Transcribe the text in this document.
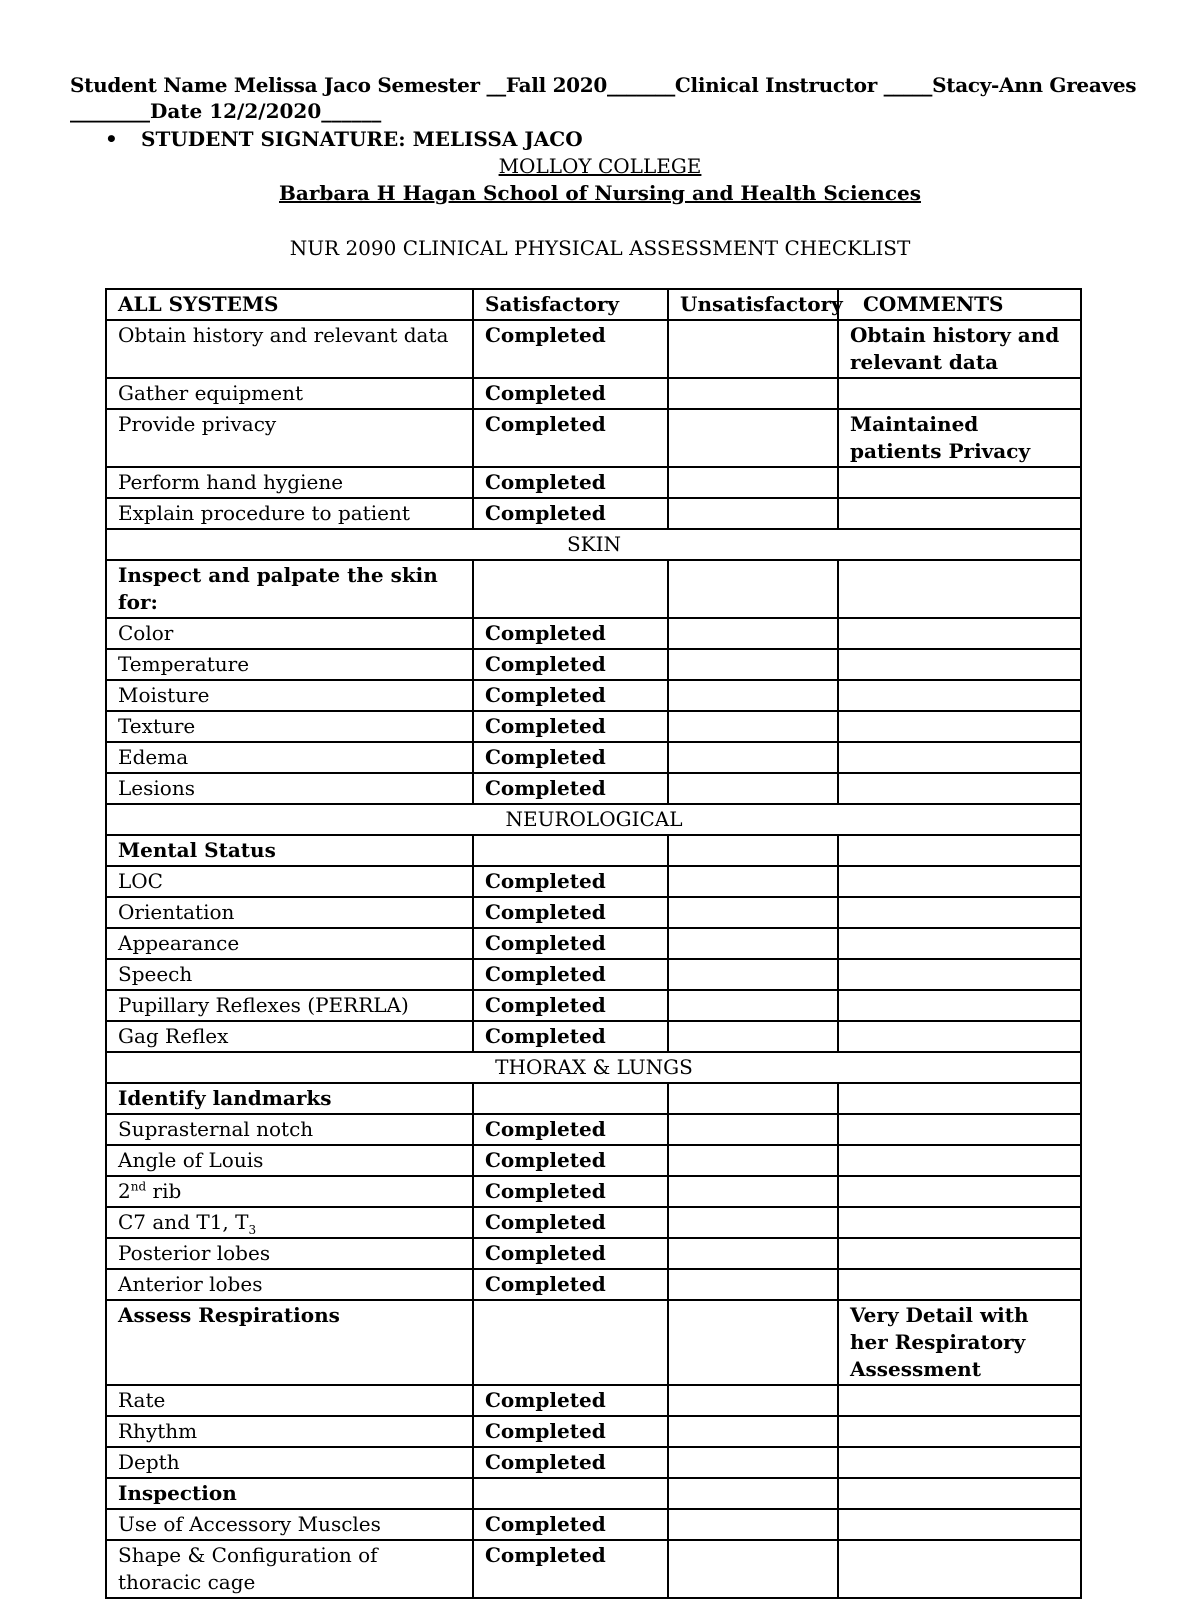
Student Name Melissa Jaco Semester __Fall 2020_______Clinical Instructor _____Stacy-Ann Greaves
________Date 12/2/2020______
• STUDENT SIGNATURE: MELISSA JACO
MOLLOY COLLEGE
Barbara H Hagan School of Nursing and Health Sciences
NUR 2090 CLINICAL PHYSICAL ASSESSMENT CHECKLIST
ALL SYSTEMS	Satisfactory	Unsatisfactory	COMMENTS
Obtain history and relevant data	Completed		Obtain history and relevant data
Gather equipment	Completed		
Provide privacy	Completed		Maintained patients Privacy
Perform hand hygiene	Completed		
Explain procedure to patient	Completed		
SKIN			
Inspect and palpate the skin for:			
Color	Completed		
Temperature	Completed		
Moisture	Completed		
Texture	Completed		
Edema	Completed		
Lesions	Completed		
NEUROLOGICAL			
Mental Status			
LOC	Completed		
Orientation	Completed		
Appearance	Completed		
Speech	Completed		
Pupillary Reflexes (PERRLA)	Completed		
Gag Reflex	Completed		
THORAX & LUNGS			
Identify landmarks			
Suprasternal notch	Completed		
Angle of Louis	Completed		
2nd rib	Completed		
C7 and T1, $T_3$	Completed		
Posterior lobes	Completed		
Anterior lobes	Completed		
Assess Respirations			Very Detail with her Respiratory Assessment
Rate	Completed		
Rhythm	Completed		
Depth	Completed		
Inspection			
Use of Accessory Muscles	Completed		
Shape & Configuration of thoracic cage	Completed		
